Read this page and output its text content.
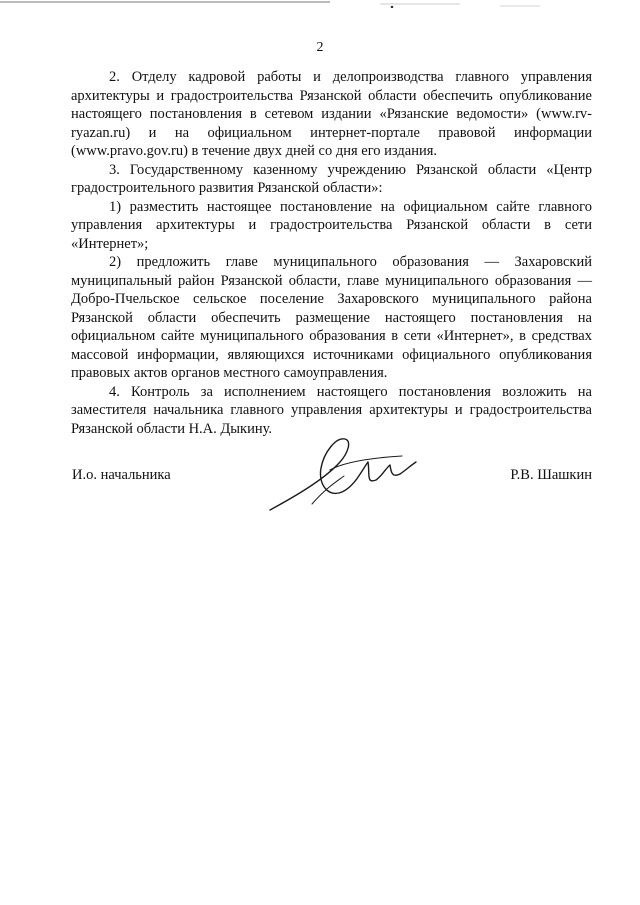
2

2. Отделу кадровой работы и делопроизводства главного управления архитектуры и градостроительства Рязанской области обеспечить опубликование настоящего постановления в сетевом издании «Рязанские ведомости» (www.rv-ryazan.ru) и на официальном интернет-портале правовой информации (www.pravo.gov.ru) в течение двух дней со дня его издания.

3. Государственному казенному учреждению Рязанской области «Центр градостроительного развития Рязанской области»:

1) разместить настоящее постановление на официальном сайте главного управления архитектуры и градостроительства Рязанской области в сети «Интернет»;

2) предложить главе муниципального образования — Захаровский муниципальный район Рязанской области, главе муниципального образования — Добро-Пчельское сельское поселение Захаровского муниципального района Рязанской области обеспечить размещение настоящего постановления на официальном сайте муниципального образования в сети «Интернет», в средствах массовой информации, являющихся источниками официального опубликования правовых актов органов местного самоуправления.

4. Контроль за исполнением настоящего постановления возложить на заместителя начальника главного управления архитектуры и градостроительства Рязанской области Н.А. Дыкину.

И.о. начальника	Р.В. Шашкин
